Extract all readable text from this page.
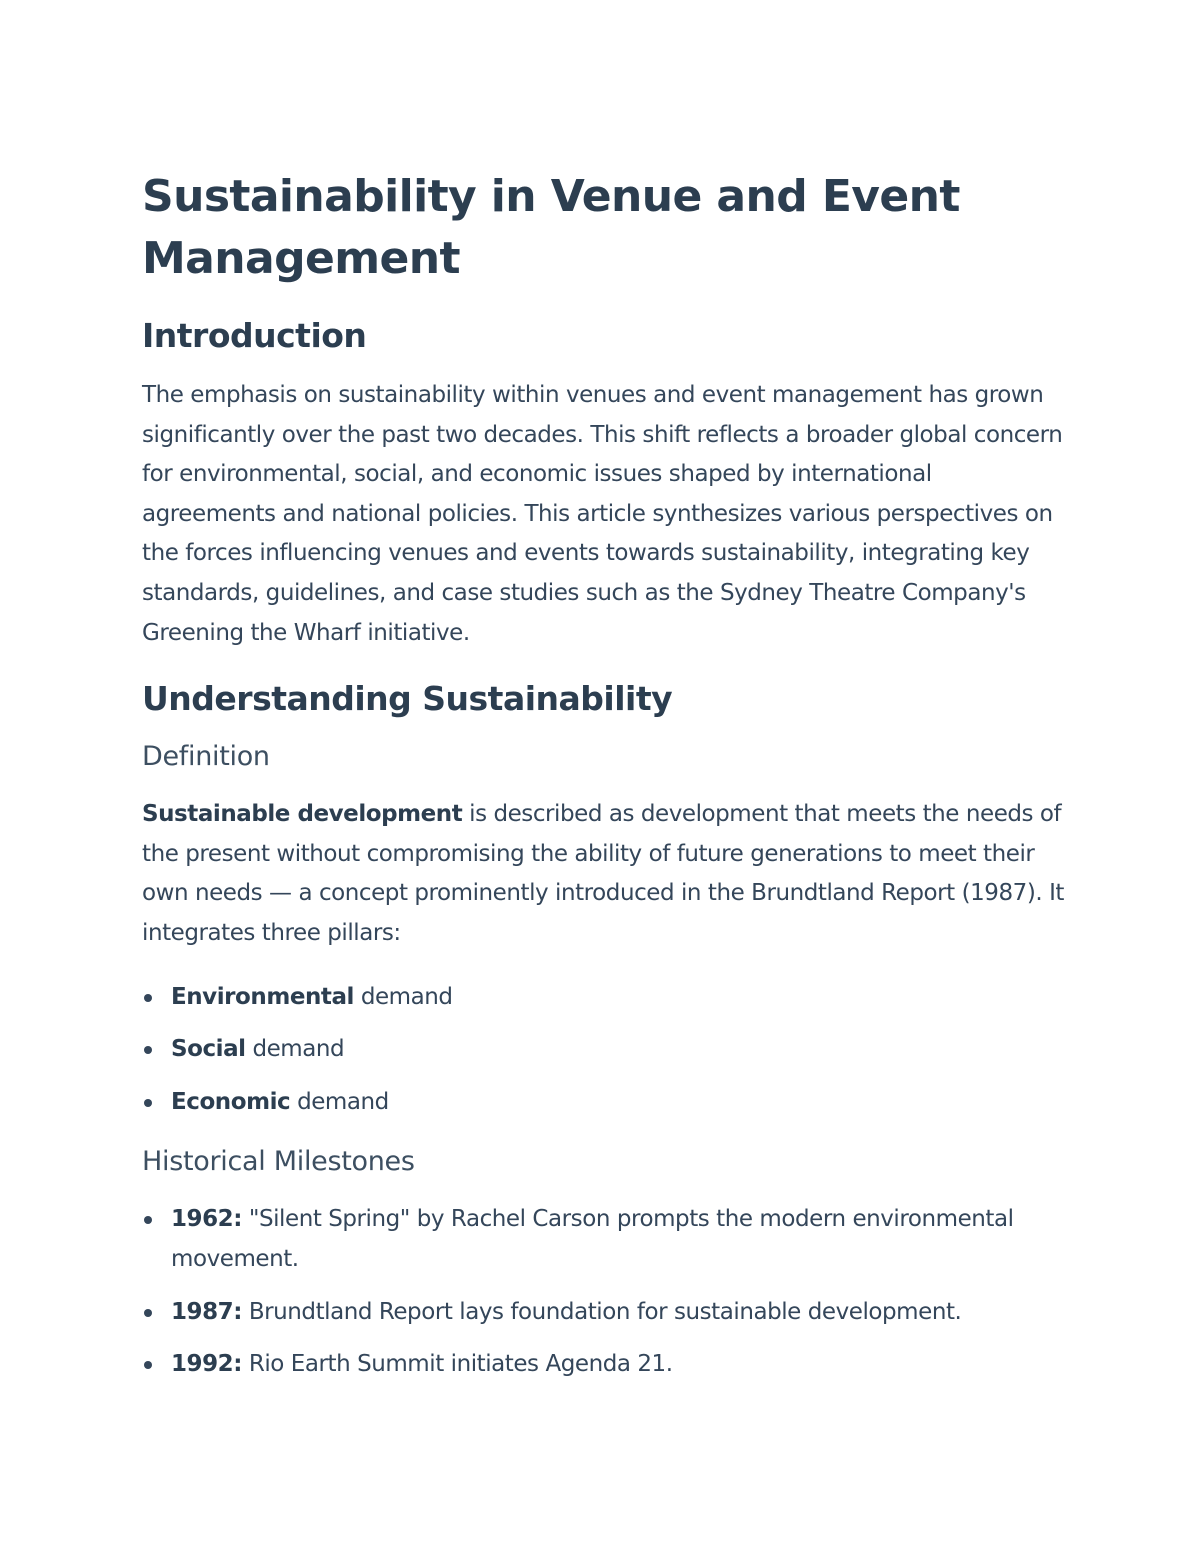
Sustainability in Venue and Event Management
Introduction

The emphasis on sustainability within venues and event management has grown significantly over the past two decades. This shift reflects a broader global concern for environmental, social, and economic issues shaped by international agreements and national policies. This article synthesizes various perspectives on the forces influencing venues and events towards sustainability, integrating key standards, guidelines, and case studies such as the Sydney Theatre Company's Greening the Wharf initiative.

Understanding Sustainability
Definition

Sustainable development is described as development that meets the needs of the present without compromising the ability of future generations to meet their own needs — a concept prominently introduced in the Brundtland Report (1987). It integrates three pillars:

Environmental demand
Social demand
Economic demand
Historical Milestones
1962: "Silent Spring" by Rachel Carson prompts the modern environmental movement.
1987: Brundtland Report lays foundation for sustainable development.
1992: Rio Earth Summit initiates Agenda 21.
